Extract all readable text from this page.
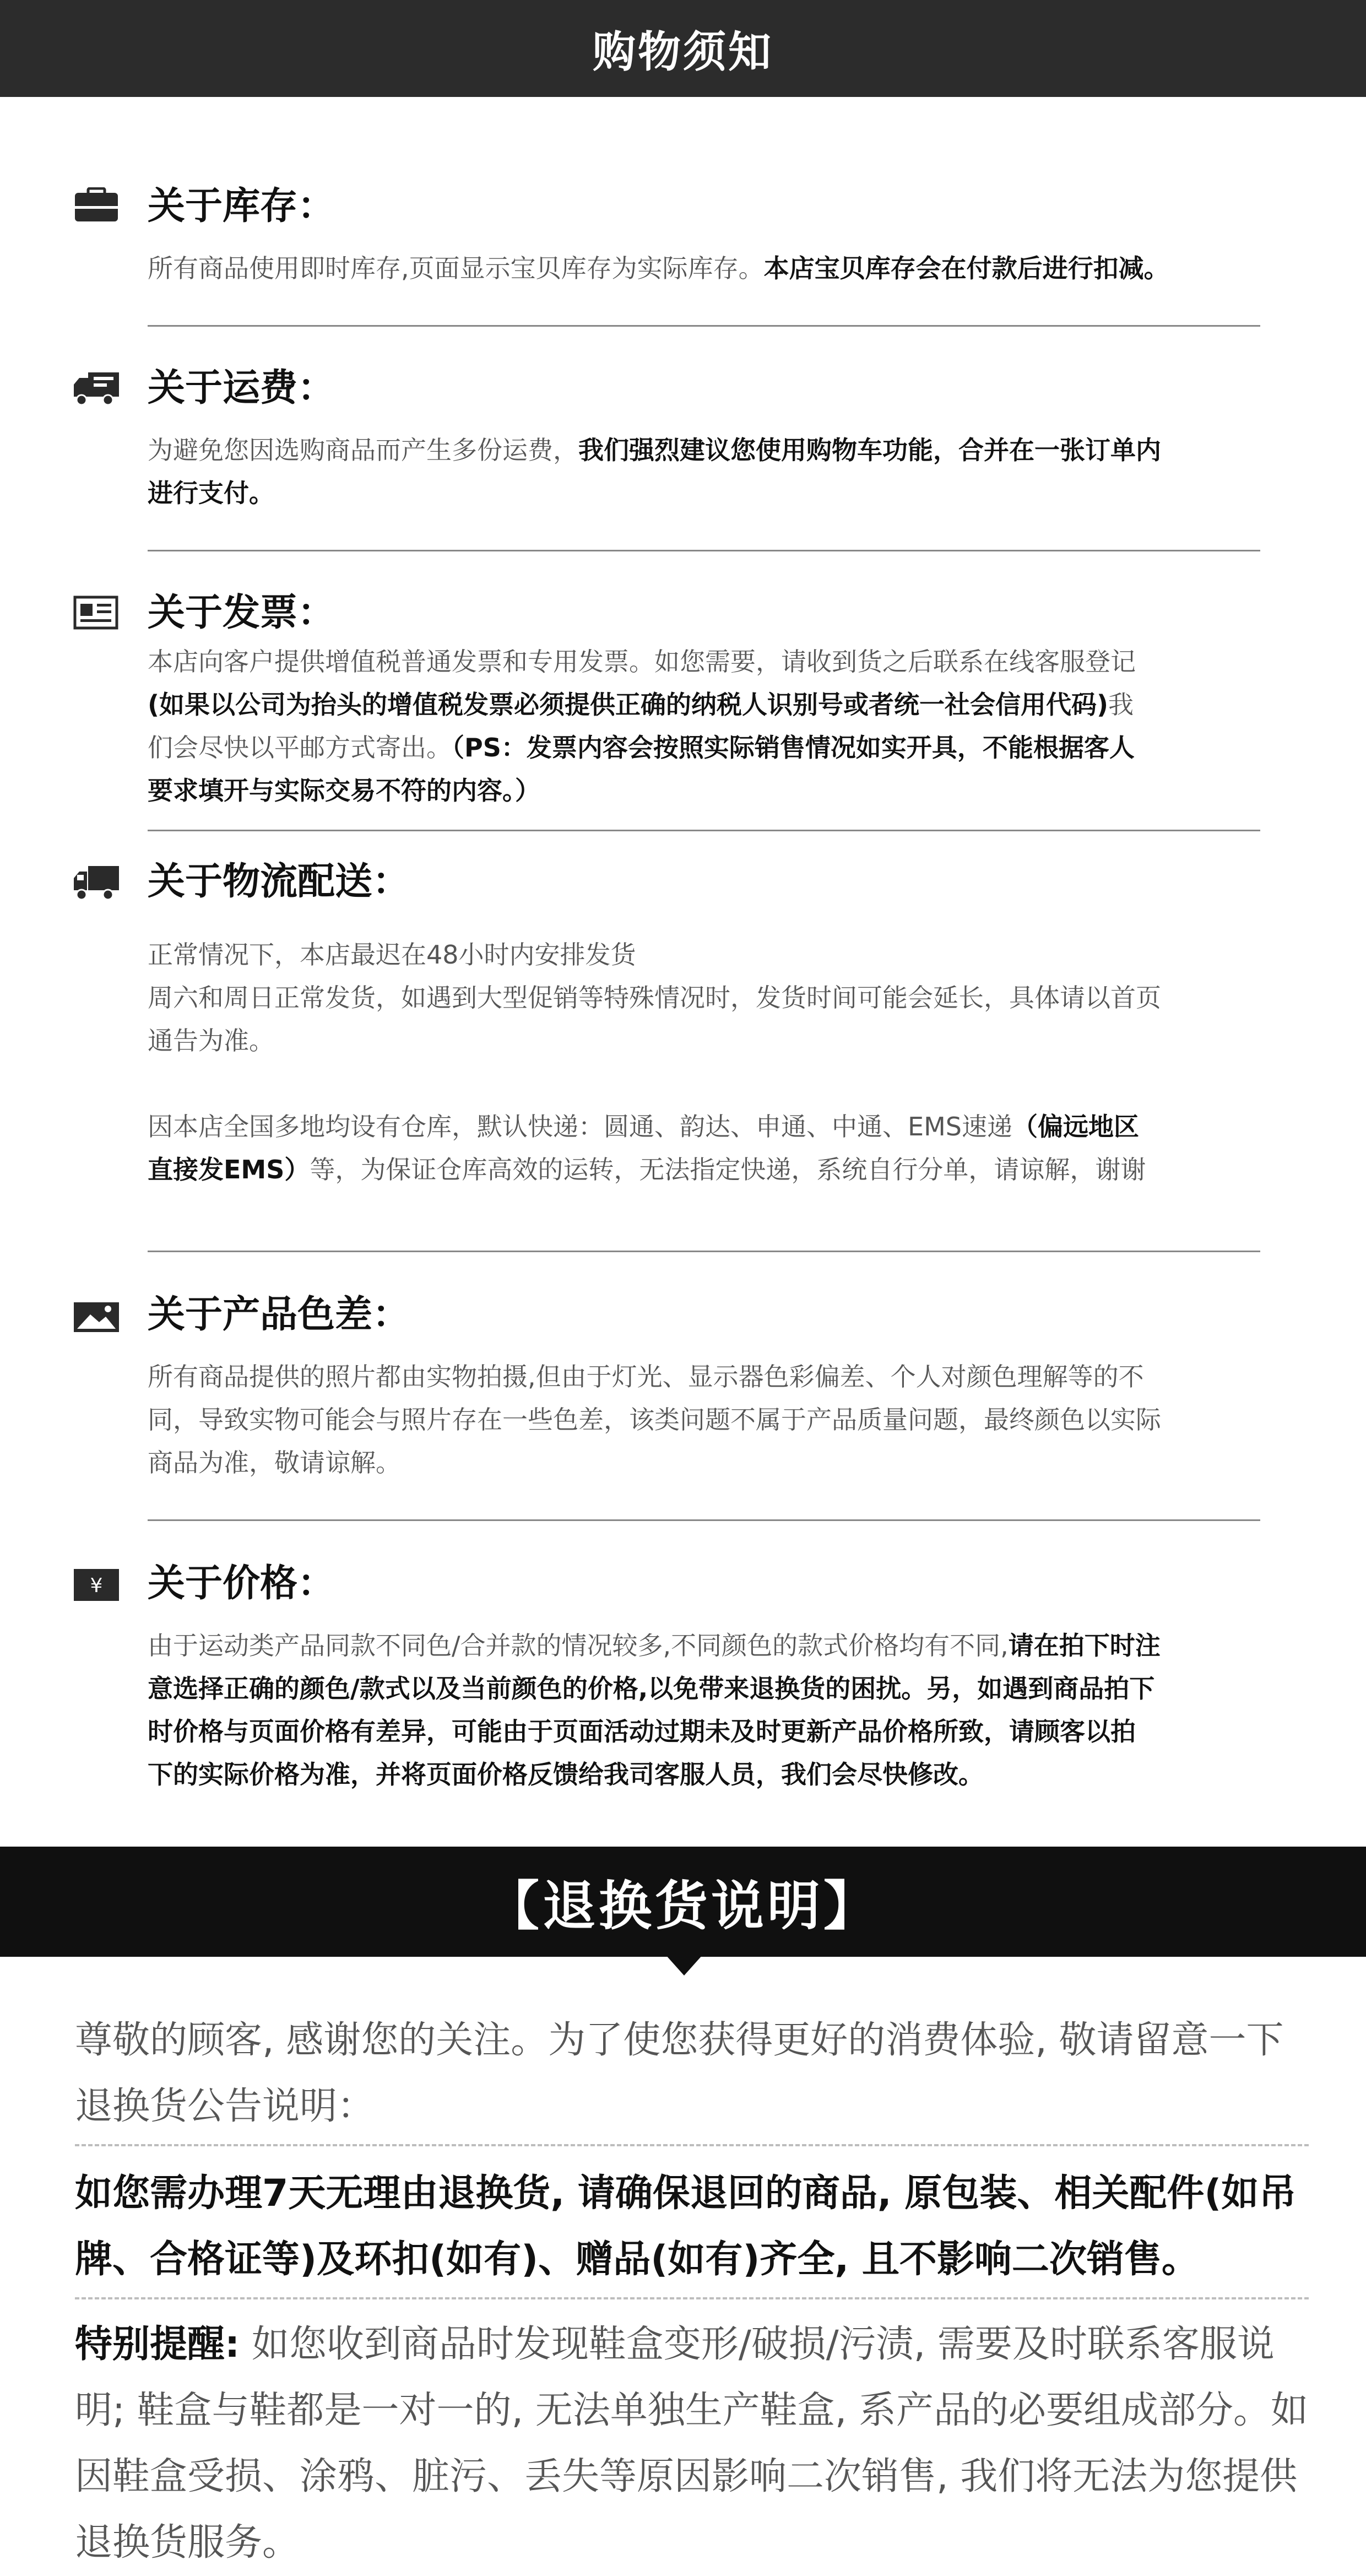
购物须知
关于库存：

所有商品使用即时库存,页面显示宝贝库存为实际库存。本店宝贝库存会在付款后进行扣减。

关于运费：

为避免您因选购商品而产生多份运费，我们强烈建议您使用购物车功能，合并在一张订单内

进行支付。

关于发票：

本店向客户提供增值税普通发票和专用发票。如您需要，请收到货之后联系在线客服登记

(如果以公司为抬头的增值税发票必须提供正确的纳税人识别号或者统一社会信用代码)我

们会尽快以平邮方式寄出。（PS：发票内容会按照实际销售情况如实开具，不能根据客人

要求填开与实际交易不符的内容。）

关于物流配送：

正常情况下，本店最迟在48小时内安排发货

周六和周日正常发货，如遇到大型促销等特殊情况时，发货时间可能会延长，具体请以首页

通告为准。

因本店全国多地均设有仓库，默认快递：圆通、韵达、申通、中通、EMS速递（偏远地区

直接发EMS）等，为保证仓库高效的运转，无法指定快递，系统自行分单，请谅解，谢谢

关于产品色差：

所有商品提供的照片都由实物拍摄,但由于灯光、显示器色彩偏差、个人对颜色理解等的不

同，导致实物可能会与照片存在一些色差，该类问题不属于产品质量问题，最终颜色以实际

商品为准，敬请谅解。

¥ 关于价格：

由于运动类产品同款不同色/合并款的情况较多,不同颜色的款式价格均有不同,请在拍下时注

意选择正确的颜色/款式以及当前颜色的价格,以免带来退换货的困扰。另，如遇到商品拍下

时价格与页面价格有差异，可能由于页面活动过期未及时更新产品价格所致，请顾客以拍

下的实际价格为准，并将页面价格反馈给我司客服人员，我们会尽快修改。

【退换货说明】
尊敬的顾客, 感谢您的关注。为了使您获得更好的消费体验, 敬请留意一下退换货公告说明：
如您需办理7天无理由退换货, 请确保退回的商品, 原包装、相关配件(如吊牌、合格证等)及环扣(如有)、赠品(如有)齐全, 且不影响二次销售。
特别提醒: 如您收到商品时发现鞋盒变形/破损/污渍, 需要及时联系客服说明; 鞋盒与鞋都是一对一的, 无法单独生产鞋盒, 系产品的必要组成部分。如因鞋盒受损、涂鸦、脏污、丢失等原因影响二次销售, 我们将无法为您提供退换货服务。
